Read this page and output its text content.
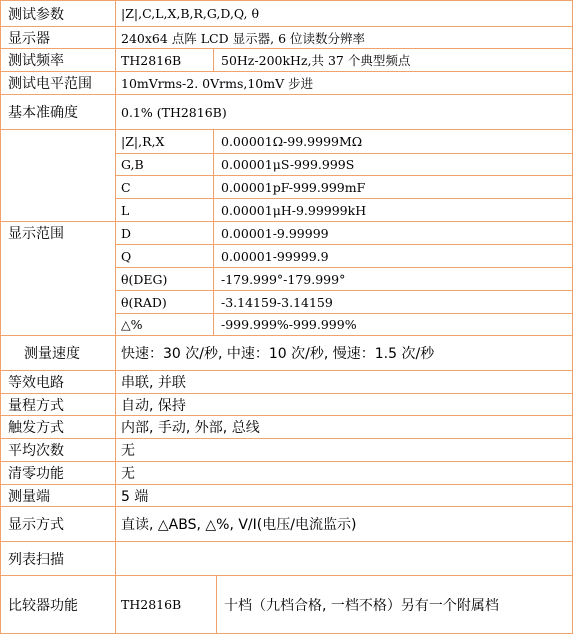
测试参数	|Z|,C,L,X,B,R,G,D,Q, θ
显示器	240x64 点阵 LCD 显示器, 6 位读数分辨率
测试频率	TH2816B	50Hz-200kHz,共 37 个典型频点
测试电平范围 10mVrms-2. 0Vrms,10mV 步进
基本准确度	0.1% (TH2816B)
显示范围
|Z|,R,X	0.00001Ω-99.9999MΩ
G,B	0.00001μS-999.999S
C	0.00001pF-999.999mF
L	0.00001μH-9.99999kH
D	0.00001-9.99999
Q	0.00001-99999.9
θ(DEG)	-179.999°-179.999°
θ(RAD)	-3.14159-3.14159
△%	-999.999%-999.999%
测量速度	快速：30 次/秒, 中速：10 次/秒, 慢速：1.5 次/秒
等效电路	串联, 并联
量程方式	自动, 保持
触发方式	内部, 手动, 外部, 总线
平均次数	无
清零功能	无
测量端	5 端
显示方式	直读, △ABS, △%, V/I(电压/电流监示)
列表扫描
比较器功能	TH2816B	十档（九档合格, 一档不格）另有一个附属档
